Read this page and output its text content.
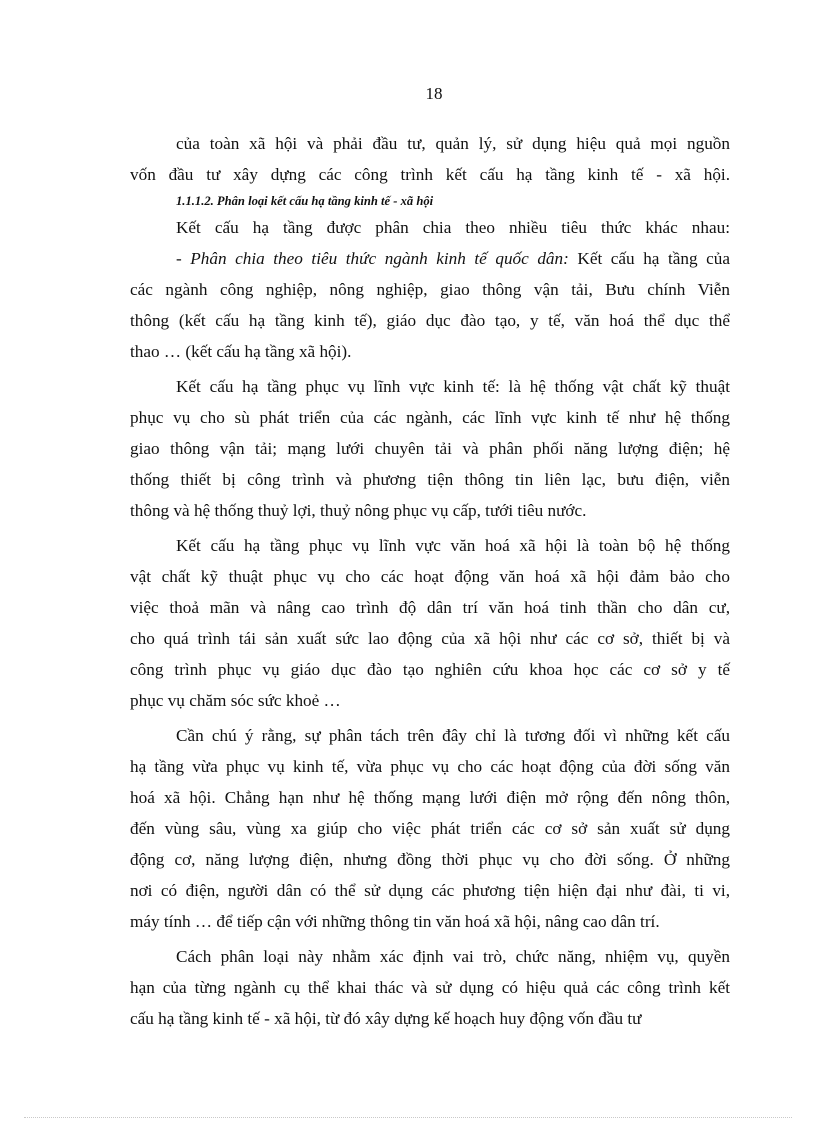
18
của toàn xã hội và phải đầu tư, quản lý, sử dụng hiệu quả mọi nguồn
vốn đầu tư xây dựng các công trình kết cấu hạ tầng kinh tế - xã hội.
1.1.1.2. Phân loại kết cấu hạ tầng kinh tế - xã hội
Kết cấu hạ tầng được phân chia theo nhiều tiêu thức khác nhau:
- Phân chia theo tiêu thức ngành kinh tế quốc dân: Kết cấu hạ tầng của
các ngành công nghiệp, nông nghiệp, giao thông vận tải, Bưu chính Viễn
thông (kết cấu hạ tầng kinh tế), giáo dục đào tạo, y tế, văn hoá thể dục thể
thao … (kết cấu hạ tầng xã hội).
Kết cấu hạ tầng phục vụ lĩnh vực kinh tế: là hệ thống vật chất kỹ thuật
phục vụ cho sù phát triển của các ngành, các lĩnh vực kinh tế như hệ thống
giao thông vận tải; mạng lưới chuyên tải và phân phối năng lượng điện; hệ
thống thiết bị công trình và phương tiện thông tin liên lạc, bưu điện, viễn
thông và hệ thống thuỷ lợi, thuỷ nông phục vụ cấp, tưới tiêu nước.
Kết cấu hạ tầng phục vụ lĩnh vực văn hoá xã hội là toàn bộ hệ thống
vật chất kỹ thuật phục vụ cho các hoạt động văn hoá xã hội đảm bảo cho
việc thoả mãn và nâng cao trình độ dân trí văn hoá tinh thần cho dân cư,
cho quá trình tái sản xuất sức lao động của xã hội như các cơ sở, thiết bị và
công trình phục vụ giáo dục đào tạo nghiên cứu khoa học các cơ sở y tế
phục vụ chăm sóc sức khoẻ …
Cần chú ý rằng, sự phân tách trên đây chỉ là tương đối vì những kết cấu
hạ tầng vừa phục vụ kinh tế, vừa phục vụ cho các hoạt động của đời sống văn
hoá xã hội. Chẳng hạn như hệ thống mạng lưới điện mở rộng đến nông thôn,
đến vùng sâu, vùng xa giúp cho việc phát triển các cơ sở sản xuất sử dụng
động cơ, năng lượng điện, nhưng đồng thời phục vụ cho đời sống. Ở những
nơi có điện, người dân có thể sử dụng các phương tiện hiện đại như đài, ti vi,
máy tính … để tiếp cận với những thông tin văn hoá xã hội, nâng cao dân trí.
Cách phân loại này nhằm xác định vai trò, chức năng, nhiệm vụ, quyền
hạn của từng ngành cụ thể khai thác và sử dụng có hiệu quả các công trình kết
cấu hạ tầng kinh tế - xã hội, từ đó xây dựng kế hoạch huy động vốn đầu tư
